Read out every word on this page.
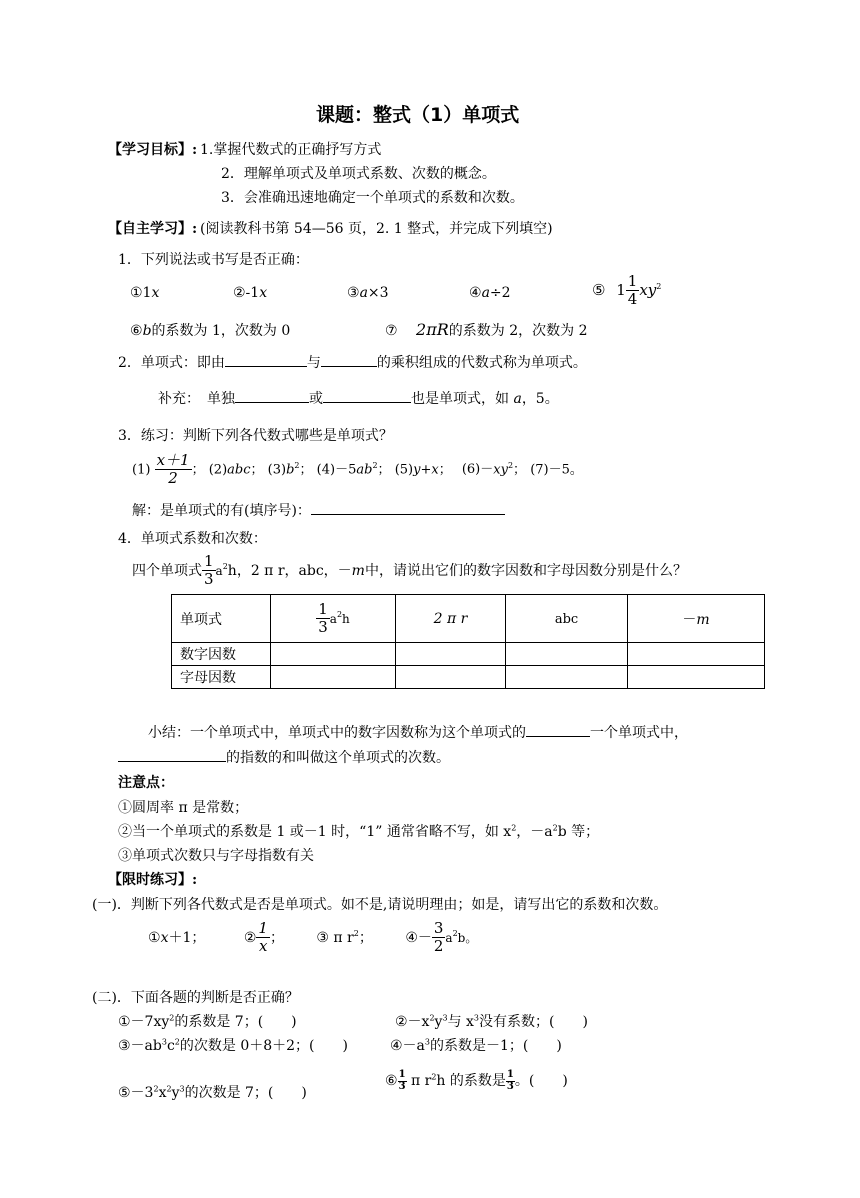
课题：整式（1）单项式
【学习目标】: 1.掌握代数式的正确抒写方式
2．理解单项式及单项式系数、次数的概念。
3．会准确迅速地确定一个单项式的系数和次数。
【自主学习】: (阅读教科书第 54—56 页，2. 1 整式，并完成下列填空)
1．下列说法或书写是否正确：
①1x	②-1x	③a×3	④a÷2	⑤ $1 \frac{1}{4} xy^2$
⑥b的系数为 1，次数为 0	⑦ 2πR的系数为 2，次数为 2
2．单项式：即由	与	的乘积组成的代数式称为单项式。
补充：　单独	或	也是单项式，如 a，5。
3．练习：判断下列各代数式哪些是单项式？
$(1) \frac{x+1}{2}$ ； (2)abc； $(3)b^2$； $(4)-5ab^2$； (5)y+x； $(6)-xy^2$； (7)－5。
解：是单项式的有(填序号)：
4．单项式系数和次数：
四个单项式 $\frac{1}{3} a^2h$，2 π r，abc，－m中，请说出它们的数字因数和字母因数分别是什么？
单项式	$\frac{1}{3} a^2h$	2 π r	abc	－m
数字因数				
字母因数				
小结：一个单项式中，单项式中的数字因数称为这个单项式的	一个单项式中，
的指数的和叫做这个单项式的次数。
注意点：
①圆周率 π 是常数；
②当一个单项式的系数是 1 或－1 时，“1” 通常省略不写，如 $x^2$，$-a^2b$ 等；
③单项式次数只与字母指数有关
【限时练习】:
(一)．判断下列各代数式是否是单项式。如不是,请说明理由；如是，请写出它的系数和次数。
①x＋1；	② $\frac{1}{x}$ ； ③ π $r^2$； ④－ $\frac{3}{2} a^2b$。
(二)．下面各题的判断是否正确？
$①-7xy^2$的系数是 7；(　　)	$②-x^2y^3$与 $x^3$没有系数；(　　)
$③-ab^3c^2$的次数是 0＋8＋2；(　　)	$④-a^3$的系数是－1；(　　)
$⑤-3^2x^2y^3$的次数是 7；(　　)
⑥ $\frac{1}{3}$ π $r^2h$ 的系数是 $\frac{1}{3}$ 。(　　)
